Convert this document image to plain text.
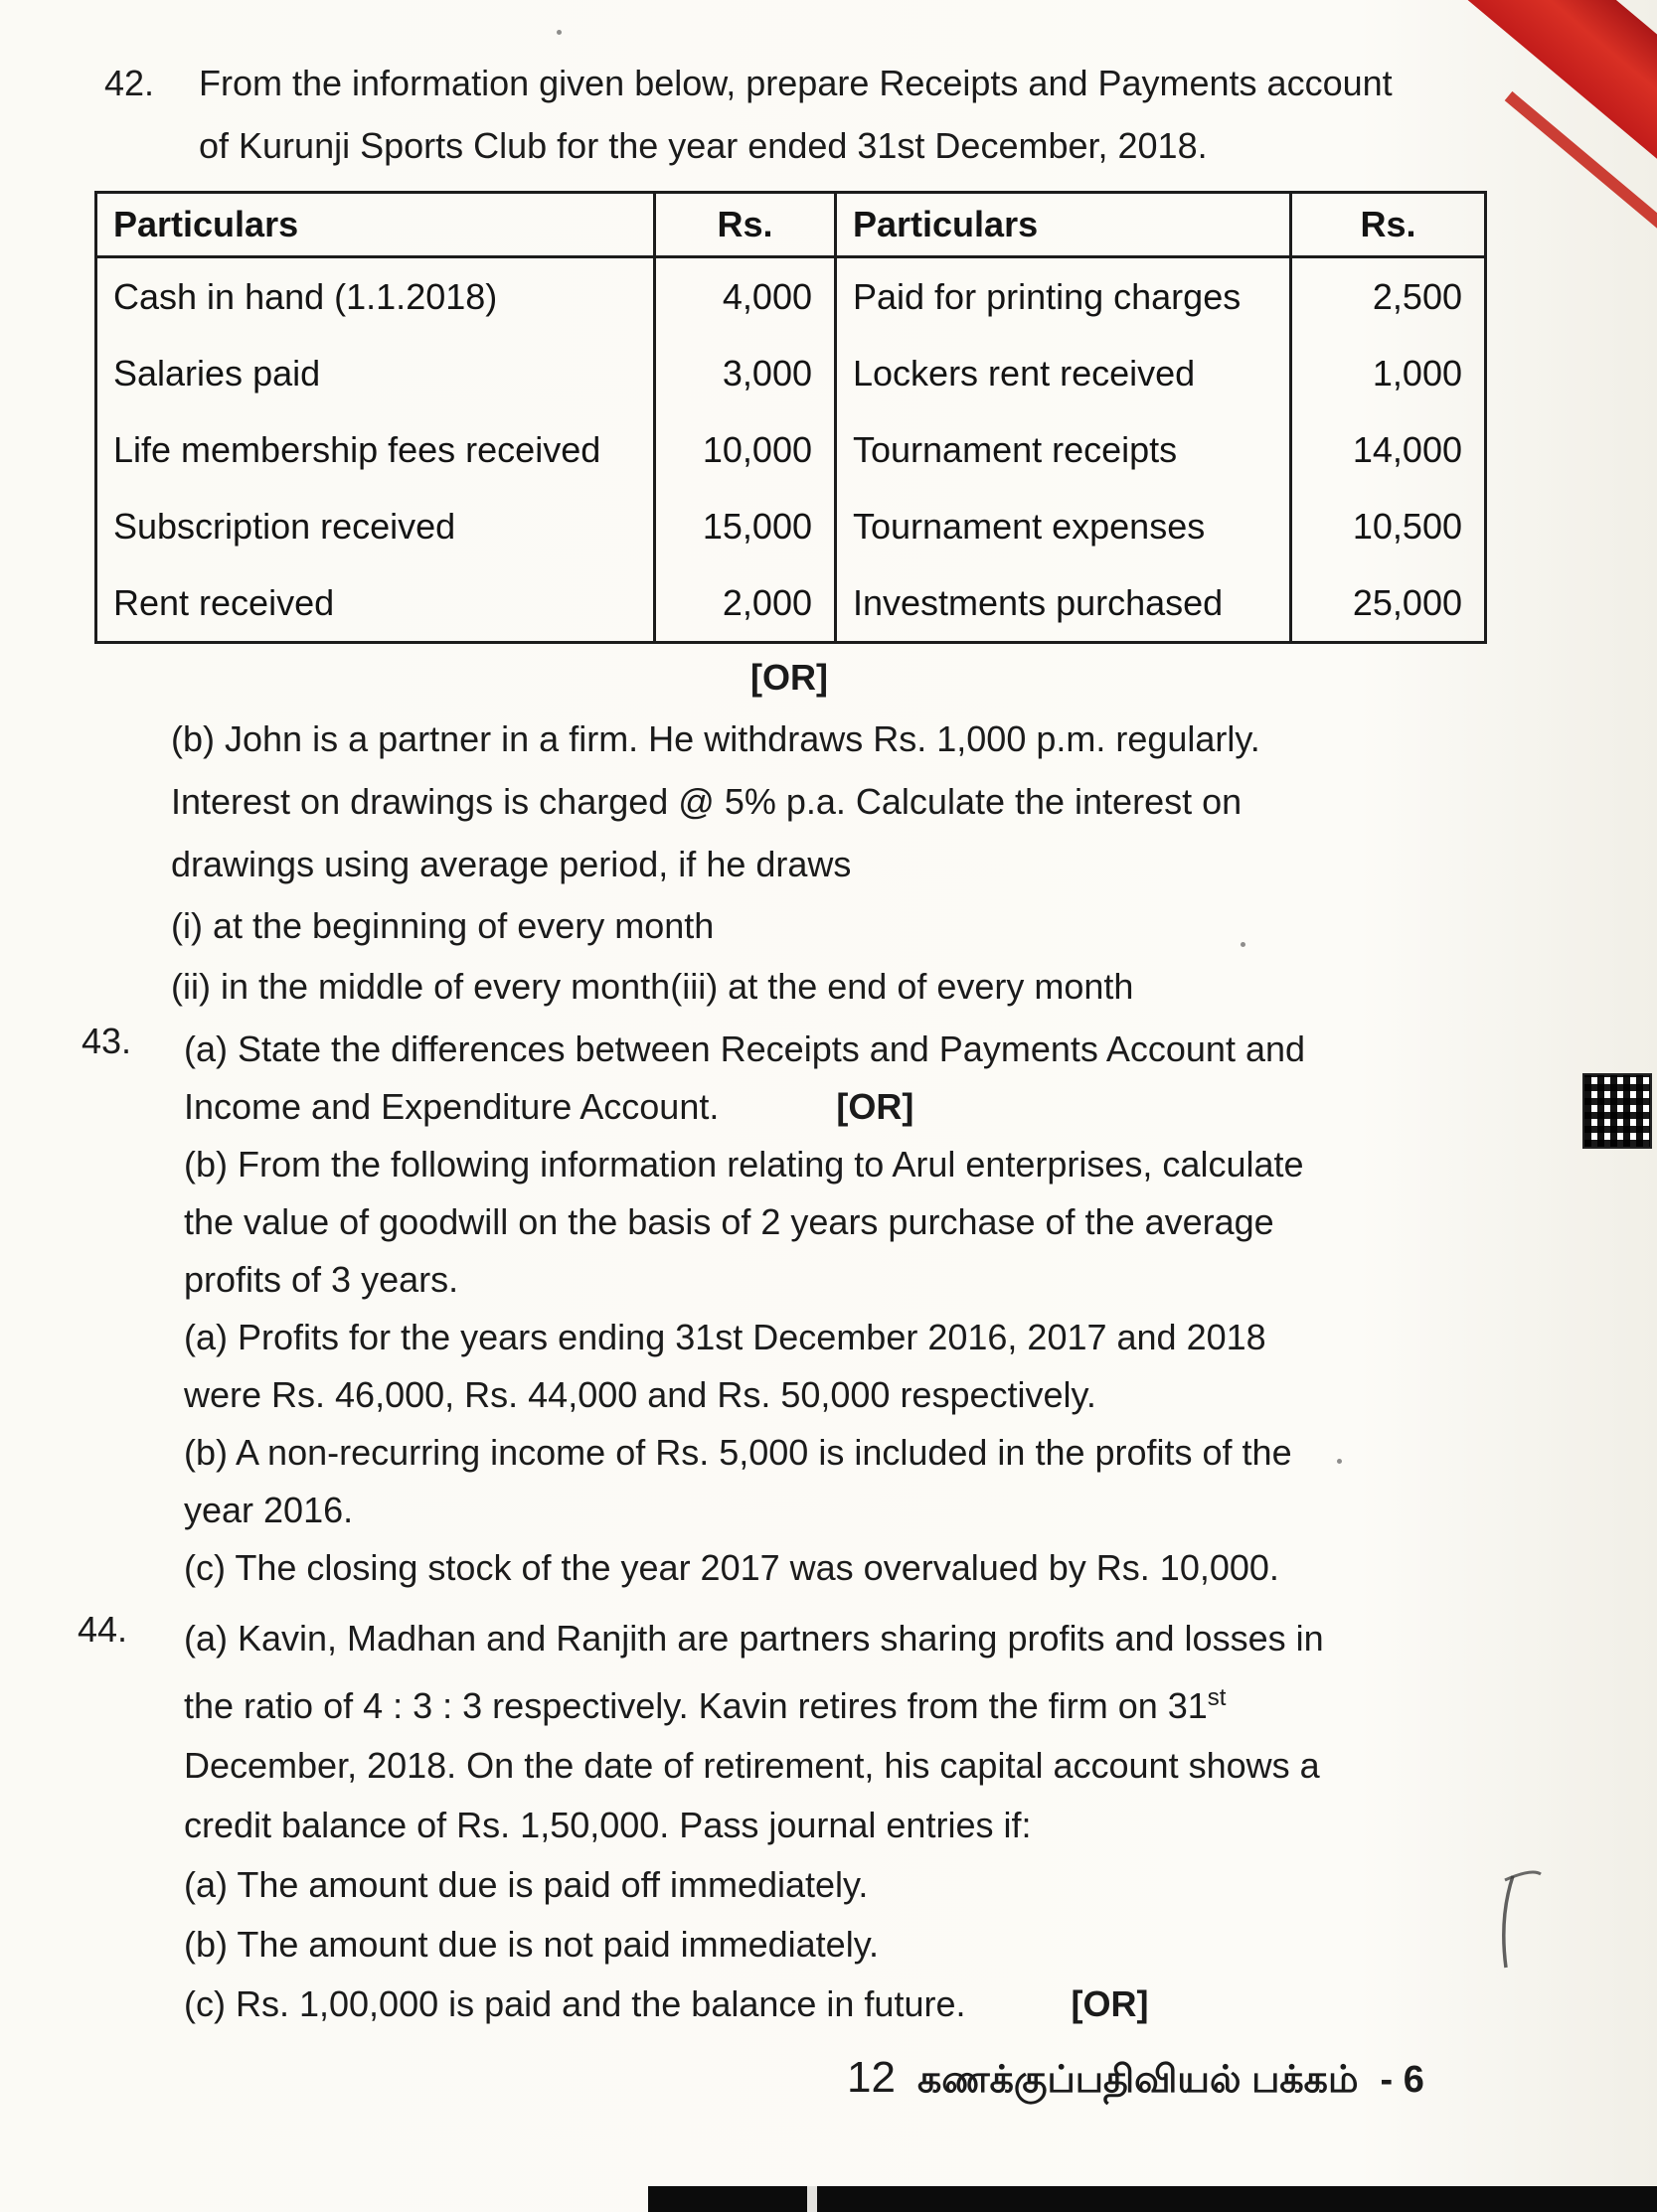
42.	From the information given below, prepare Receipts and Payments account
of Kurunji Sports Club for the year ended 31st December, 2018.
Particulars	Rs.	Particulars	Rs.
Cash in hand (1.1.2018)	4,000	Paid for printing charges	2,500
Salaries paid	3,000	Lockers rent received	1,000
Life membership fees received	10,000	Tournament receipts	14,000
Subscription received	15,000	Tournament expenses	10,500
Rent received	2,000	Investments purchased	25,000
[OR]
(b) John is a partner in a firm. He withdraws Rs. 1,000 p.m. regularly.
Interest on drawings is charged @ 5% p.a. Calculate the interest on
drawings using average period, if he draws
(i) at the beginning of every month
(ii) in the middle of every month(iii) at the end of every month
43.	(a) State the differences between Receipts and Payments Account and
Income and Expenditure Account.	[OR]
(b) From the following information relating to Arul enterprises, calculate
the value of goodwill on the basis of 2 years purchase of the average
profits of 3 years.
(a) Profits for the years ending 31st December 2016, 2017 and 2018
were Rs. 46,000, Rs. 44,000 and Rs. 50,000 respectively.
(b) A non-recurring income of Rs. 5,000 is included in the profits of the
year 2016.
(c) The closing stock of the year 2017 was overvalued by Rs. 10,000.
44.	(a) Kavin, Madhan and Ranjith are partners sharing profits and losses in
the ratio of 4 : 3 : 3 respectively. Kavin retires from the firm on 31st
December, 2018. On the date of retirement, his capital account shows a
credit balance of Rs. 1,50,000. Pass journal entries if:
(a) The amount due is paid off immediately.
(b) The amount due is not paid immediately.
(c) Rs. 1,00,000 is paid and the balance in future.	[OR]
12 கணக்குப்பதிவியல் பக்கம் - 6
